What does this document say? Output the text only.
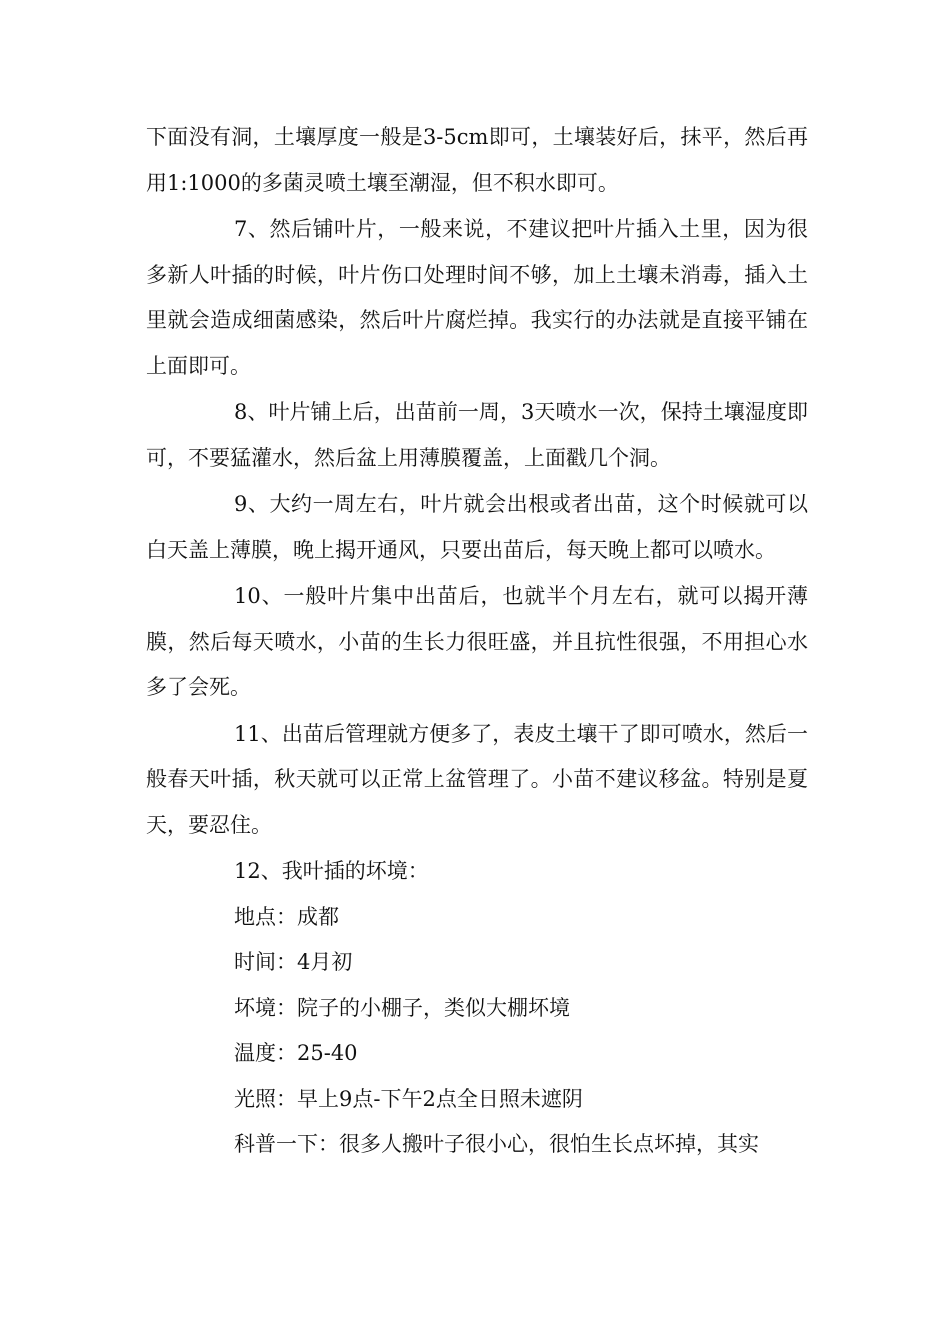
下面没有洞，土壤厚度一般是3-5cm即可，土壤装好后，抹平，然后再用1:1000的多菌灵喷土壤至潮湿，但不积水即可。

7、然后铺叶片，一般来说，不建议把叶片插入土里，因为很多新人叶插的时候，叶片伤口处理时间不够，加上土壤未消毒，插入土里就会造成细菌感染，然后叶片腐烂掉。我实行的办法就是直接平铺在上面即可。

8、叶片铺上后，出苗前一周，3天喷水一次，保持土壤湿度即可，不要猛灌水，然后盆上用薄膜覆盖，上面戳几个洞。

9、大约一周左右，叶片就会出根或者出苗，这个时候就可以白天盖上薄膜，晚上揭开通风，只要出苗后，每天晚上都可以喷水。

10、一般叶片集中出苗后，也就半个月左右，就可以揭开薄膜，然后每天喷水，小苗的生长力很旺盛，并且抗性很强，不用担心水多了会死。

11、出苗后管理就方便多了，表皮土壤干了即可喷水，然后一般春天叶插，秋天就可以正常上盆管理了。小苗不建议移盆。特别是夏天，要忍住。

12、我叶插的坏境：

地点：成都

时间：4月初

坏境：院子的小棚子，类似大棚坏境

温度：25-40

光照：早上9点-下午2点全日照未遮阴

科普一下：很多人搬叶子很小心，很怕生长点坏掉，其实
